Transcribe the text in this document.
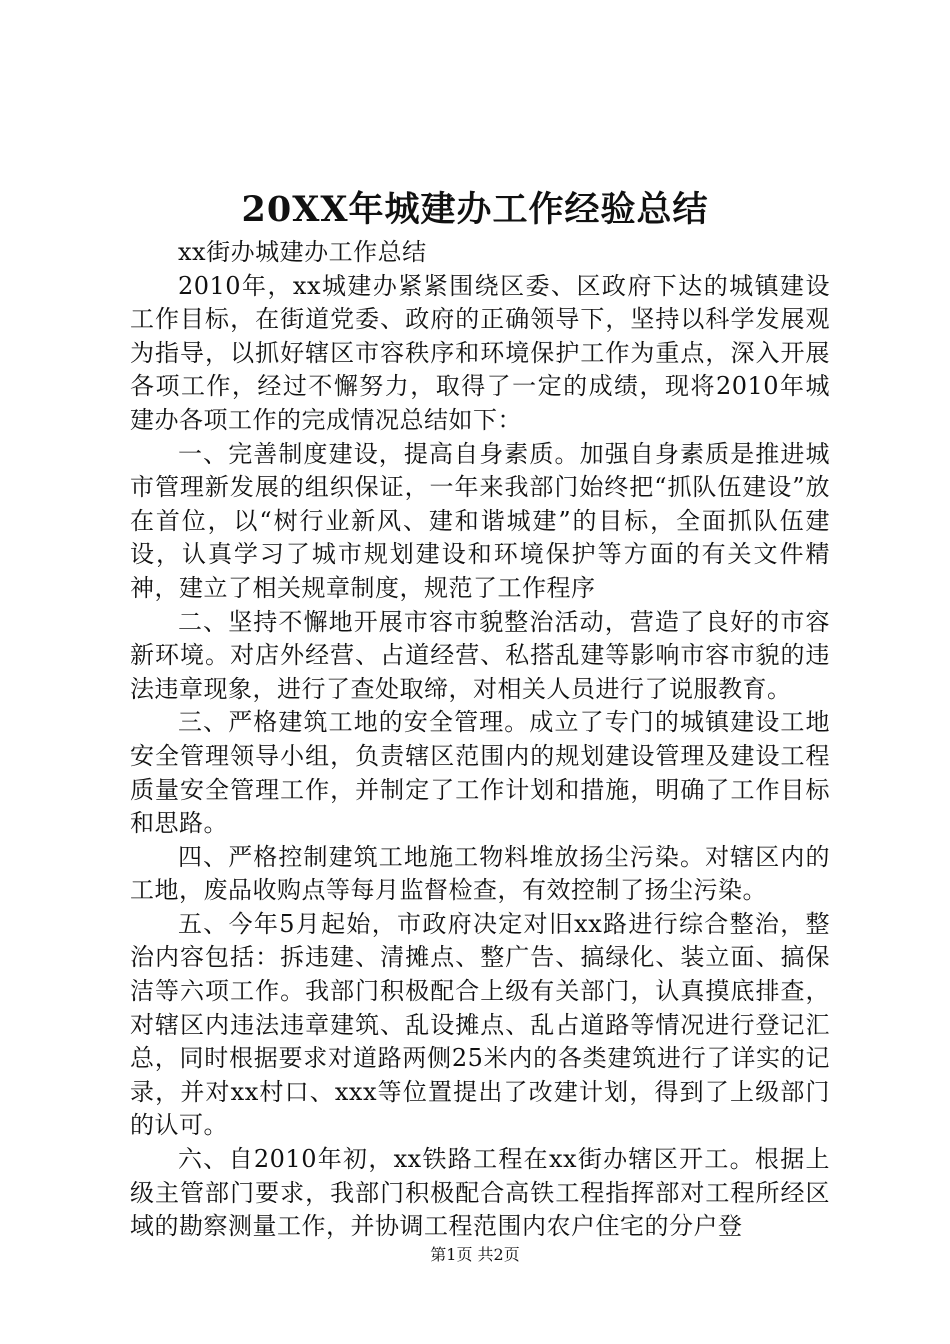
20XX年城建办工作经验总结

xx街办城建办工作总结

2010年，xx城建办紧紧围绕区委、区政府下达的城镇建设工作目标，在街道党委、政府的正确领导下，坚持以科学发展观为指导，以抓好辖区市容秩序和环境保护工作为重点，深入开展各项工作，经过不懈努力，取得了一定的成绩，现将2010年城建办各项工作的完成情况总结如下：

一、完善制度建设，提高自身素质。加强自身素质是推进城市管理新发展的组织保证，一年来我部门始终把“抓队伍建设”放在首位，以“树行业新风、建和谐城建”的目标，全面抓队伍建设，认真学习了城市规划建设和环境保护等方面的有关文件精神，建立了相关规章制度，规范了工作程序

二、坚持不懈地开展市容市貌整治活动，营造了良好的市容新环境。对店外经营、占道经营、私搭乱建等影响市容市貌的违法违章现象，进行了查处取缔，对相关人员进行了说服教育。

三、严格建筑工地的安全管理。成立了专门的城镇建设工地安全管理领导小组，负责辖区范围内的规划建设管理及建设工程质量安全管理工作，并制定了工作计划和措施，明确了工作目标和思路。

四、严格控制建筑工地施工物料堆放扬尘污染。对辖区内的工地，废品收购点等每月监督检查，有效控制了扬尘污染。

五、今年5月起始，市政府决定对旧xx路进行综合整治，整治内容包括：拆违建、清摊点、整广告、搞绿化、装立面、搞保洁等六项工作。我部门积极配合上级有关部门，认真摸底排查，对辖区内违法违章建筑、乱设摊点、乱占道路等情况进行登记汇总，同时根据要求对道路两侧25米内的各类建筑进行了详实的记录，并对xx村口、xxx等位置提出了改建计划，得到了上级部门的认可。

六、自2010年初，xx铁路工程在xx街办辖区开工。根据上级主管部门要求，我部门积极配合高铁工程指挥部对工程所经区域的勘察测量工作，并协调工程范围内农户住宅的分户登

第1页 共2页
